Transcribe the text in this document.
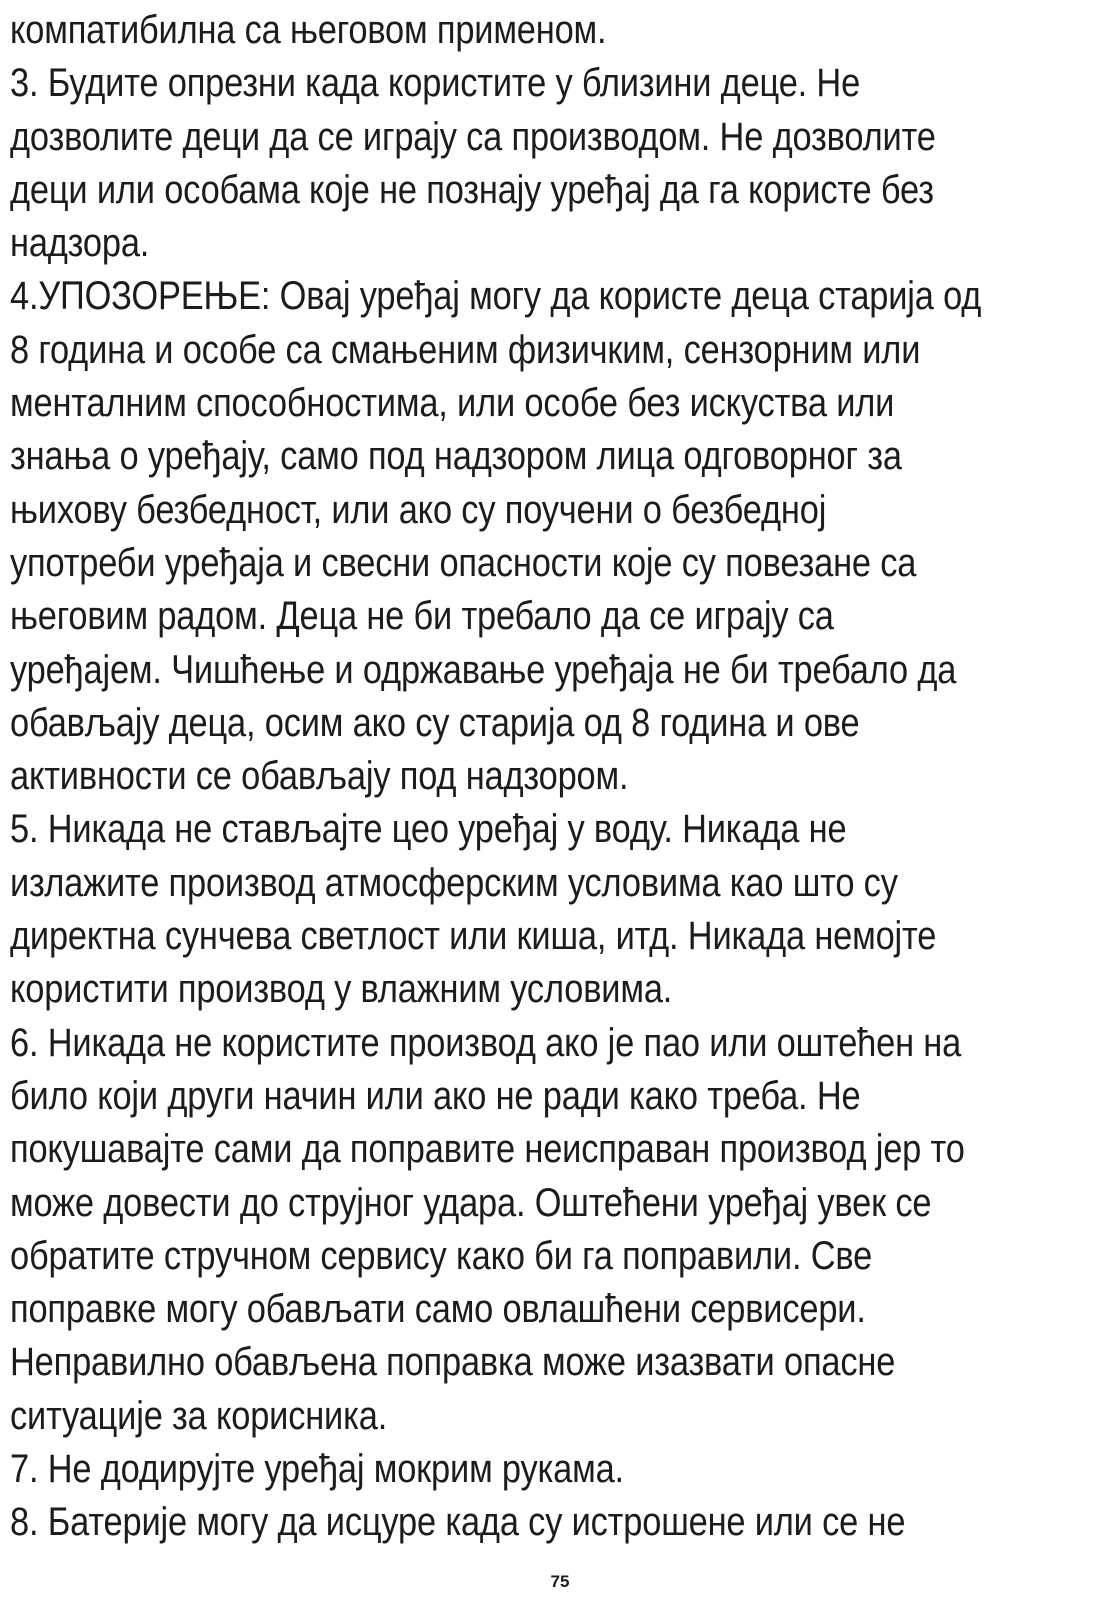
компатибилна са његовом применом.
3. Будите опрезни када користите у близини деце. Не
дозволите деци да се играју са производом. Не дозволите
деци или особама које не познају уређај да га користе без
надзора.
4.УПОЗОРЕЊЕ: Овај уређај могу да користе деца старија од
8 година и особе са смањеним физичким, сензорним или
менталним способностима, или особе без искуства или
знања о уређају, само под надзором лица одговорног за
њихову безбедност, или ако су поучени о безбедној
употреби уређаја и свесни опасности које су повезане са
његовим радом. Деца не би требало да се играју са
уређајем. Чишћење и одржавање уређаја не би требало да
обављају деца, осим ако су старија од 8 година и ове
активности се обављају под надзором.
5. Никада не стављајте цео уређај у воду. Никада не
излажите производ атмосферским условима као што су
директна сунчева светлост или киша, итд. Никада немојте
користити производ у влажним условима.
6. Никада не користите производ ако је пао или оштећен на
било који други начин или ако не ради како треба. Не
покушавајте сами да поправите неисправан производ јер то
може довести до струјног удара. Оштећени уређај увек се
обратите стручном сервису како би га поправили. Све
поправке могу обављати само овлашћени сервисери.
Неправилно обављена поправка може изазвати опасне
ситуације за корисника.
7. Не додирујте уређај мокрим рукама.
8. Батерије могу да исцуре када су истрошене или се не
75
